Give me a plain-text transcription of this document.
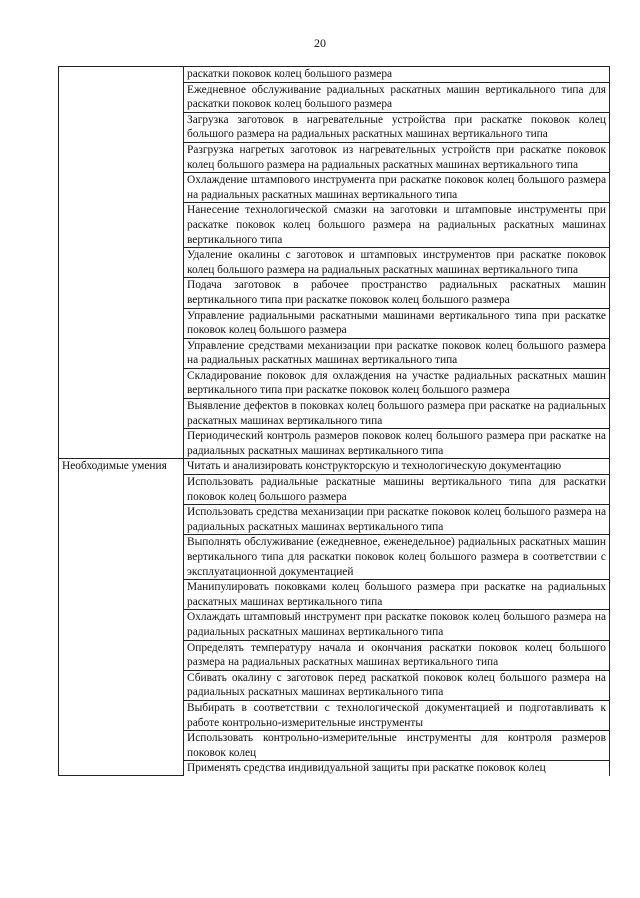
20
	раскатки поковок колец большого размера
	Ежедневное обслуживание радиальных раскатных машин вертикального типа для раскатки поковок колец большого размера
	Загрузка заготовок в нагревательные устройства при раскатке поковок колец большого размера на радиальных раскатных машинах вертикального типа
	Разгрузка нагретых заготовок из нагревательных устройств при раскатке поковок колец большого размера на радиальных раскатных машинах вертикального типа
	Охлаждение штампового инструмента при раскатке поковок колец большого размера на радиальных раскатных машинах вертикального типа
	Нанесение технологической смазки на заготовки и штамповые инструменты при раскатке поковок колец большого размера на радиальных раскатных машинах вертикального типа
	Удаление окалины с заготовок и штамповых инструментов при раскатке поковок колец большого размера на радиальных раскатных машинах вертикального типа
	Подача заготовок в рабочее пространство радиальных раскатных машин вертикального типа при раскатке поковок колец большого размера
	Управление радиальными раскатными машинами вертикального типа при раскатке поковок колец большого размера
	Управление средствами механизации при раскатке поковок колец большого размера на радиальных раскатных машинах вертикального типа
	Складирование поковок для охлаждения на участке радиальных раскатных машин вертикального типа при раскатке поковок колец большого размера
	Выявление дефектов в поковках колец большого размера при раскатке на радиальных раскатных машинах вертикального типа
	Периодический контроль размеров поковок колец большого размера при раскатке на радиальных раскатных машинах вертикального типа
Необходимые умения	Читать и анализировать конструкторскую и технологическую документацию
	Использовать радиальные раскатные машины вертикального типа для раскатки поковок колец большого размера
	Использовать средства механизации при раскатке поковок колец большого размера на радиальных раскатных машинах вертикального типа
	Выполнять обслуживание (ежедневное, еженедельное) радиальных раскатных машин вертикального типа для раскатки поковок колец большого размера в соответствии с эксплуатационной документацией
	Манипулировать поковками колец большого размера при раскатке на радиальных раскатных машинах вертикального типа
	Охлаждать штамповый инструмент при раскатке поковок колец большого размера на радиальных раскатных машинах вертикального типа
	Определять температуру начала и окончания раскатки поковок колец большого размера на радиальных раскатных машинах вертикального типа
	Сбивать окалину с заготовок перед раскаткой поковок колец большого размера на радиальных раскатных машинах вертикального типа
	Выбирать в соответствии с технологической документацией и подготавливать к работе контрольно-измерительные инструменты
	Использовать контрольно-измерительные инструменты для контроля размеров поковок колец
	Применять средства индивидуальной защиты при раскатке поковок колец
